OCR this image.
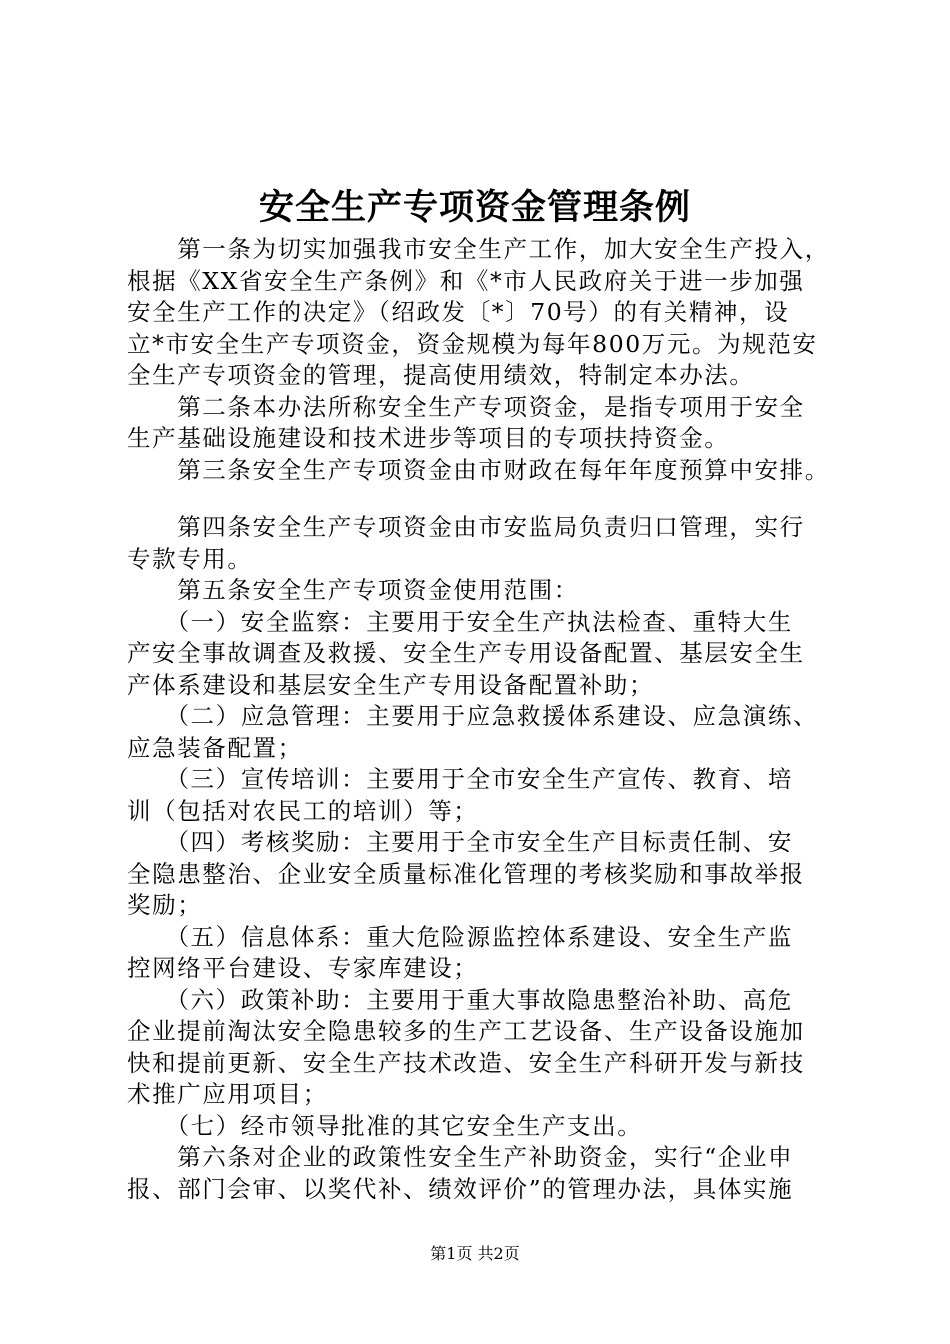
安全生产专项资金管理条例
　　第一条为切实加强我市安全生产工作，加大安全生产投入，
根据《XX省安全生产条例》和《*市人民政府关于进一步加强
安全生产工作的决定》（绍政发〔*〕70号）的有关精神，设
立*市安全生产专项资金，资金规模为每年800万元。为规范安
全生产专项资金的管理，提高使用绩效，特制定本办法。
　　第二条本办法所称安全生产专项资金，是指专项用于安全
生产基础设施建设和技术进步等项目的专项扶持资金。
　　第三条安全生产专项资金由市财政在每年年度预算中安排。
　　第四条安全生产专项资金由市安监局负责归口管理，实行
专款专用。
　　第五条安全生产专项资金使用范围：
　　（一）安全监察：主要用于安全生产执法检查、重特大生
产安全事故调查及救援、安全生产专用设备配置、基层安全生
产体系建设和基层安全生产专用设备配置补助；
　　（二）应急管理：主要用于应急救援体系建设、应急演练、
应急装备配置；
　　（三）宣传培训：主要用于全市安全生产宣传、教育、培
训（包括对农民工的培训）等；
　　（四）考核奖励：主要用于全市安全生产目标责任制、安
全隐患整治、企业安全质量标准化管理的考核奖励和事故举报
奖励；
　　（五）信息体系：重大危险源监控体系建设、安全生产监
控网络平台建设、专家库建设；
　　（六）政策补助：主要用于重大事故隐患整治补助、高危
企业提前淘汰安全隐患较多的生产工艺设备、生产设备设施加
快和提前更新、安全生产技术改造、安全生产科研开发与新技
术推广应用项目；
　　（七）经市领导批准的其它安全生产支出。
　　第六条对企业的政策性安全生产补助资金，实行“企业申
报、部门会审、以奖代补、绩效评价”的管理办法，具体实施
第1页 共2页
